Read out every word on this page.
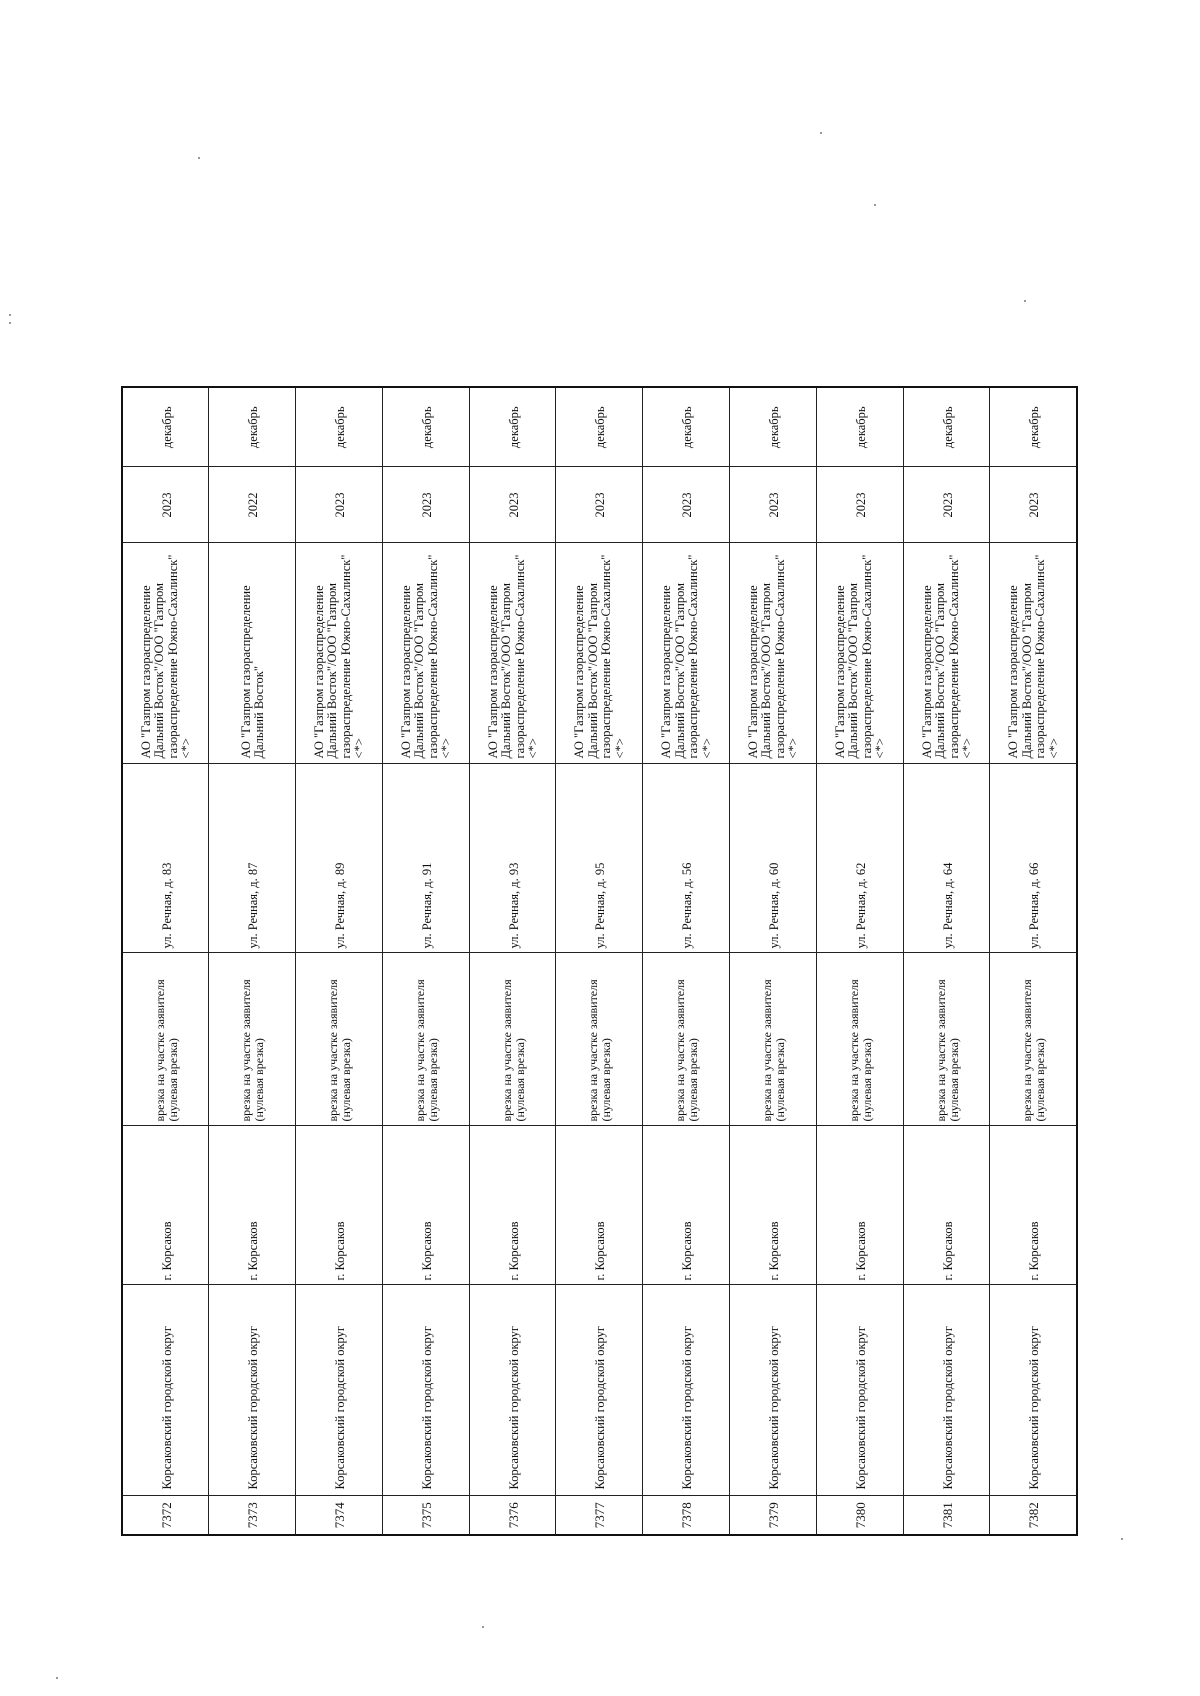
7372	Корсаковский городской округ	г. Корсаков	врезка на участке заявителя (нулевая врезка)	ул. Речная, д. 83	АО "Газпром газораспределение Дальний Восток"/ООО "Газпром газораспределение Южно-Сахалинск" <*>	2023	декабрь
7373	Корсаковский городской округ	г. Корсаков	врезка на участке заявителя (нулевая врезка)	ул. Речная, д. 87	АО "Газпром газораспределение Дальний Восток"	2022	декабрь
7374	Корсаковский городской округ	г. Корсаков	врезка на участке заявителя (нулевая врезка)	ул. Речная, д. 89	АО "Газпром газораспределение Дальний Восток"/ООО "Газпром газораспределение Южно-Сахалинск" <*>	2023	декабрь
7375	Корсаковский городской округ	г. Корсаков	врезка на участке заявителя (нулевая врезка)	ул. Речная, д. 91	АО "Газпром газораспределение Дальний Восток"/ООО "Газпром газораспределение Южно-Сахалинск" <*>	2023	декабрь
7376	Корсаковский городской округ	г. Корсаков	врезка на участке заявителя (нулевая врезка)	ул. Речная, д. 93	АО "Газпром газораспределение Дальний Восток"/ООО "Газпром газораспределение Южно-Сахалинск" <*>	2023	декабрь
7377	Корсаковский городской округ	г. Корсаков	врезка на участке заявителя (нулевая врезка)	ул. Речная, д. 95	АО "Газпром газораспределение Дальний Восток"/ООО "Газпром газораспределение Южно-Сахалинск" <*>	2023	декабрь
7378	Корсаковский городской округ	г. Корсаков	врезка на участке заявителя (нулевая врезка)	ул. Речная, д. 56	АО "Газпром газораспределение Дальний Восток"/ООО "Газпром газораспределение Южно-Сахалинск" <*>	2023	декабрь
7379	Корсаковский городской округ	г. Корсаков	врезка на участке заявителя (нулевая врезка)	ул. Речная, д. 60	АО "Газпром газораспределение Дальний Восток"/ООО "Газпром газораспределение Южно-Сахалинск" <*>	2023	декабрь
7380	Корсаковский городской округ	г. Корсаков	врезка на участке заявителя (нулевая врезка)	ул. Речная, д. 62	АО "Газпром газораспределение Дальний Восток"/ООО "Газпром газораспределение Южно-Сахалинск" <*>	2023	декабрь
7381	Корсаковский городской округ	г. Корсаков	врезка на участке заявителя (нулевая врезка)	ул. Речная, д. 64	АО "Газпром газораспределение Дальний Восток"/ООО "Газпром газораспределение Южно-Сахалинск" <*>	2023	декабрь
7382	Корсаковский городской округ	г. Корсаков	врезка на участке заявителя (нулевая врезка)	ул. Речная, д. 66	АО "Газпром газораспределение Дальний Восток"/ООО "Газпром газораспределение Южно-Сахалинск" <*>	2023	декабрь
